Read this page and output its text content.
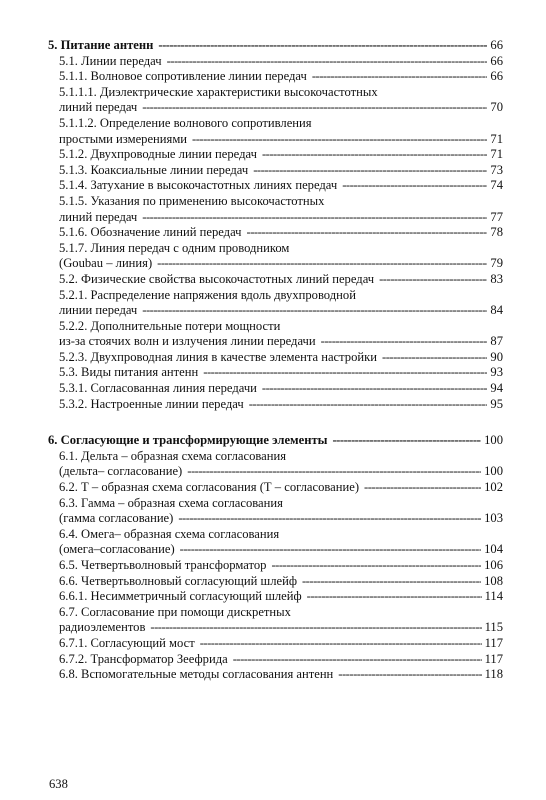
5. Питание антенн -----	66
5.1. Линии передач -----	66
5.1.1. Волновое сопротивление линии передач -----	66
5.1.1.1. Диэлектрические характеристики высокочастотных
линий передач -----	70
5.1.1.2. Определение волнового сопротивления
простыми измерениями -----	71
5.1.2. Двухпроводные линии передач -----	71
5.1.3. Коаксиальные линии передач -----	73
5.1.4. Затухание в высокочастотных линиях передач -----	74
5.1.5. Указания по применению высокочастотных
линий передач -----	77
5.1.6. Обозначение линий передач -----	78
5.1.7. Линия передач с одним проводником
(Goubau – линия) -----	79
5.2. Физические свойства высокочастотных линий передач -----	83
5.2.1. Распределение напряжения вдоль двухпроводной
линии передач -----	84
5.2.2. Дополнительные потери мощности
из-за стоячих волн и излучения линии передачи -----	87
5.2.3. Двухпроводная линия в качестве элемента настройки -----	90
5.3. Виды питания антенн -----	93
5.3.1. Согласованная линия передачи -----	94
5.3.2. Настроенные линии передач -----	95
6. Согласующие и трансформирующие элементы -----	100
6.1. Дельта – образная схема согласования
(дельта– согласование) -----	100
6.2. Т – образная схема согласования (Т – согласование) -----	102
6.3. Гамма – образная схема согласования
(гамма согласование) -----	103
6.4. Омега– образная схема согласования
(омега–согласование) -----	104
6.5. Четвертьволновый трансформатор -----	106
6.6. Четвертьволновый согласующий шлейф -----	108
6.6.1. Несимметричный согласующий шлейф -----	114
6.7. Согласование при помощи дискретных
радиоэлементов -----	115
6.7.1. Согласующий мост -----	117
6.7.2. Трансформатор Зеефрида -----	117
6.8. Вспомогательные методы согласования антенн -----	118
638
